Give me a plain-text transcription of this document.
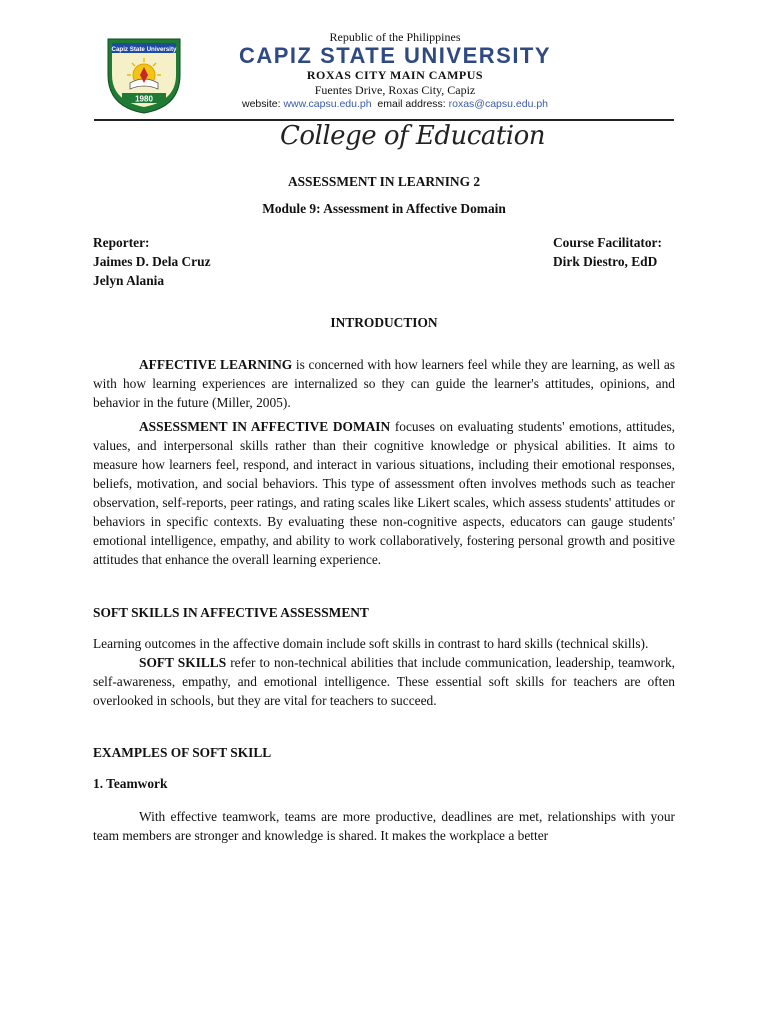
Capiz State University
1980
Republic of the Philippines
CAPIZ STATE UNIVERSITY
ROXAS CITY MAIN CAMPUS
Fuentes Drive, Roxas City, Capiz
website: www.capsu.edu.ph email address: roxas@capsu.edu.ph
College of Education
ASSESSMENT IN LEARNING 2
Module 9: Assessment in Affective Domain
Reporter:
Jaimes D. Dela Cruz
Jelyn Alania
Course Facilitator:
Dirk Diestro, EdD
INTRODUCTION

AFFECTIVE LEARNING is concerned with how learners feel while they are learning, as well as with how learning experiences are internalized so they can guide the learner's attitudes, opinions, and behavior in the future (Miller, 2005).

ASSESSMENT IN AFFECTIVE DOMAIN focuses on evaluating students' emotions, attitudes, values, and interpersonal skills rather than their cognitive knowledge or physical abilities. It aims to measure how learners feel, respond, and interact in various situations, including their emotional responses, beliefs, motivation, and social behaviors. This type of assessment often involves methods such as teacher observation, self-reports, peer ratings, and rating scales like Likert scales, which assess students' attitudes or behaviors in specific contexts. By evaluating these non-cognitive aspects, educators can gauge students' emotional intelligence, empathy, and ability to work collaboratively, fostering personal growth and positive attitudes that enhance the overall learning experience.

SOFT SKILLS IN AFFECTIVE ASSESSMENT

Learning outcomes in the affective domain include soft skills in contrast to hard skills (technical skills).

SOFT SKILLS refer to non-technical abilities that include communication, leadership, teamwork, self-awareness, empathy, and emotional intelligence. These essential soft skills for teachers are often overlooked in schools, but they are vital for teachers to succeed.

EXAMPLES OF SOFT SKILL
1. Teamwork

With effective teamwork, teams are more productive, deadlines are met, relationships with your team members are stronger and knowledge is shared. It makes the workplace a better
